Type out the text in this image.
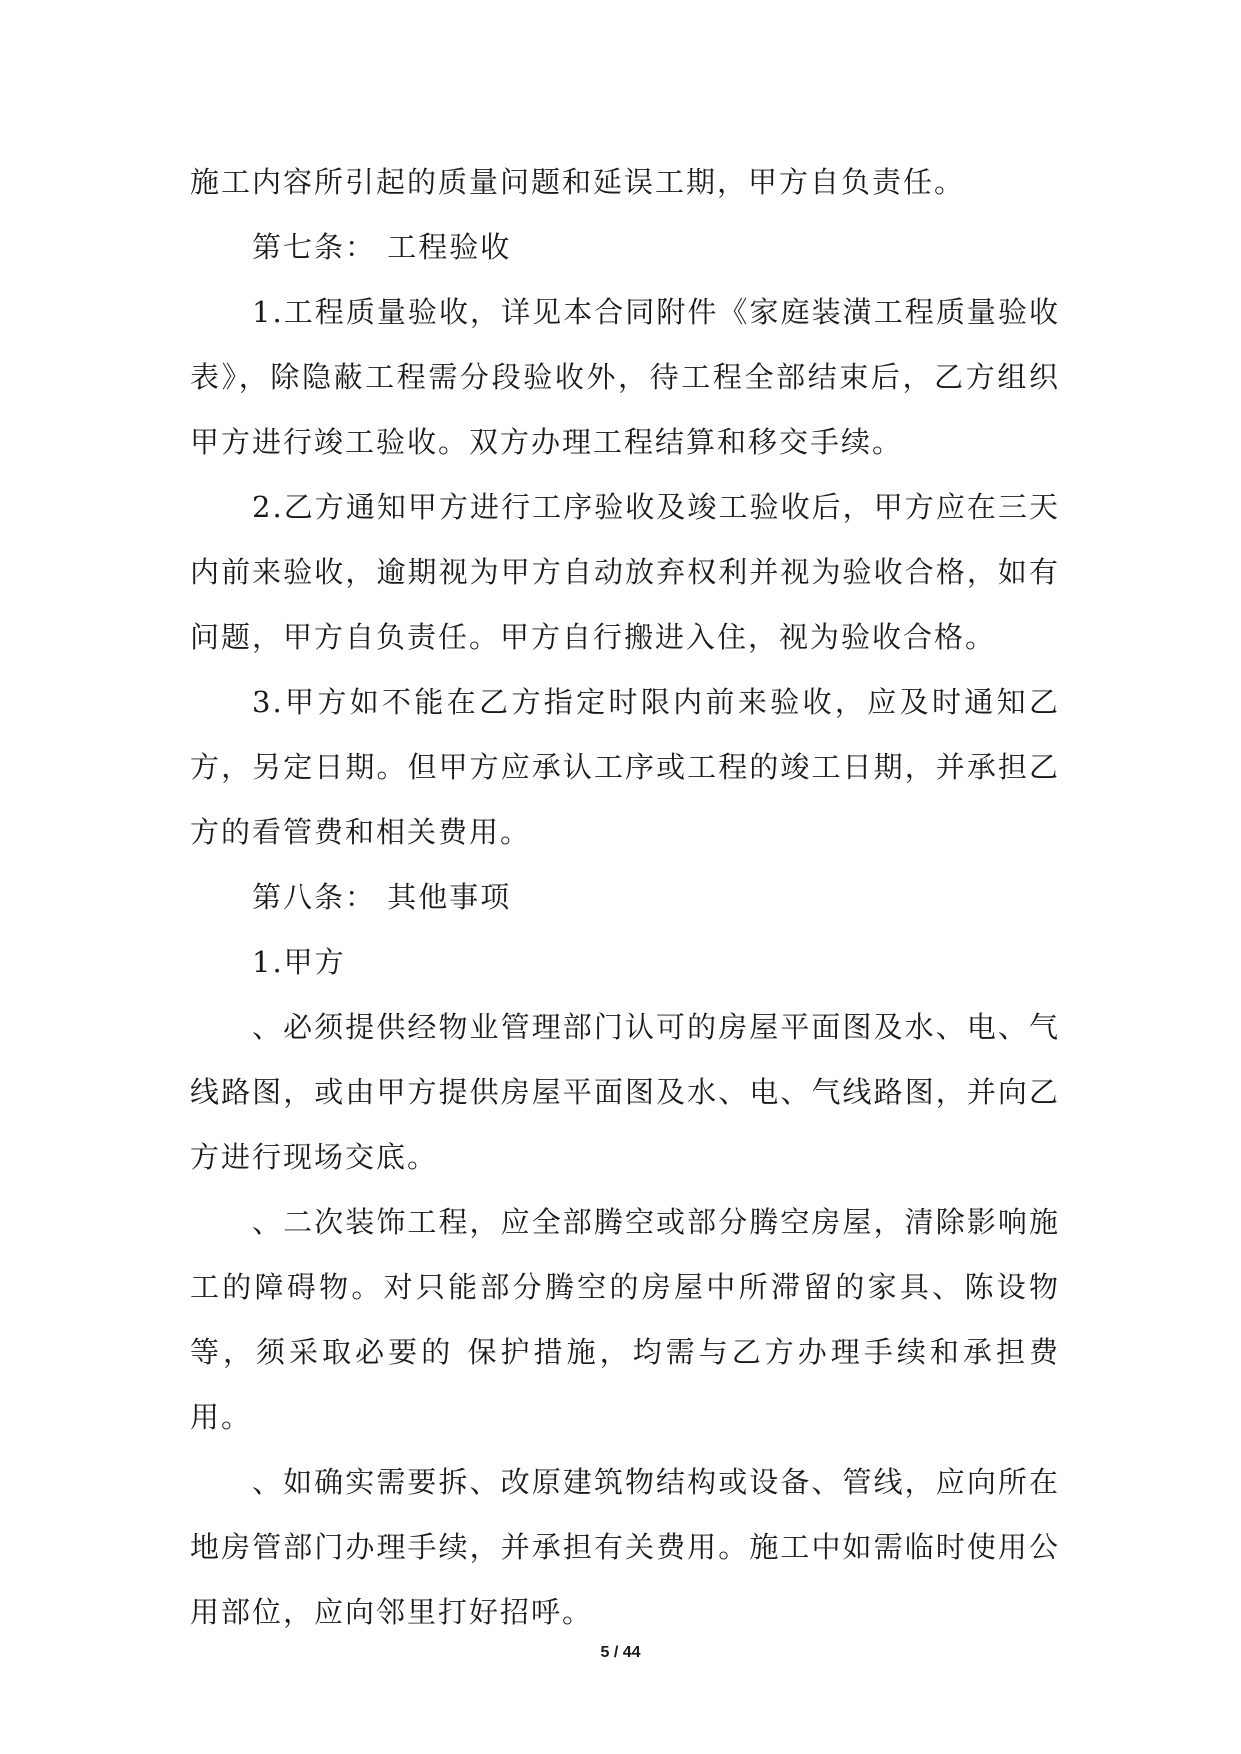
施工内容所引起的质量问题和延误工期，甲方自负责任。

第七条： 工程验收

1.工程质量验收，详见本合同附件《家庭装潢工程质量验收表》，除隐蔽工程需分段验收外，待工程全部结束后，乙方组织甲方进行竣工验收。双方办理工程结算和移交手续。

2.乙方通知甲方进行工序验收及竣工验收后，甲方应在三天内前来验收，逾期视为甲方自动放弃权利并视为验收合格，如有问题，甲方自负责任。甲方自行搬进入住，视为验收合格。

3.甲方如不能在乙方指定时限内前来验收，应及时通知乙方，另定日期。但甲方应承认工序或工程的竣工日期，并承担乙方的看管费和相关费用。

第八条： 其他事项

1.甲方

、必须提供经物业管理部门认可的房屋平面图及水、电、气线路图，或由甲方提供房屋平面图及水、电、气线路图，并向乙方进行现场交底。

、二次装饰工程，应全部腾空或部分腾空房屋，清除影响施工的障碍物。对只能部分腾空的房屋中所滞留的家具、陈设物等，须采取必要的 保护措施，均需与乙方办理手续和承担费用。

、如确实需要拆、改原建筑物结构或设备、管线，应向所在地房管部门办理手续，并承担有关费用。施工中如需临时使用公用部位，应向邻里打好招呼。

5 / 44
